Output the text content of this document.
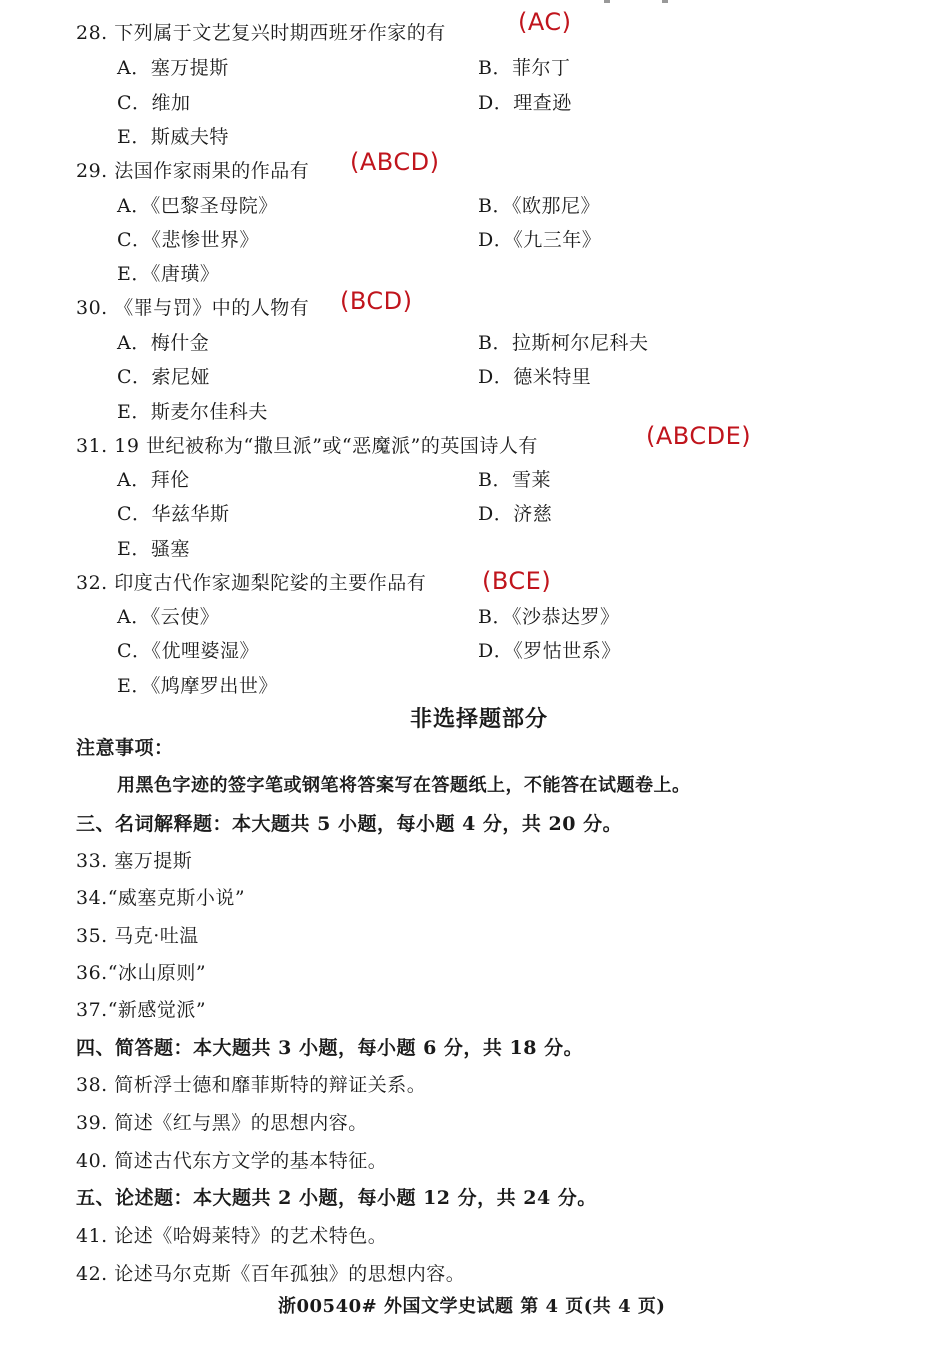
28. 下列属于文艺复兴时期西班牙作家的有	(AC)
A．塞万提斯	B．菲尔丁
C．维加	D．理查逊
E．斯威夫特
29. 法国作家雨果的作品有 (ABCD)
A．《巴黎圣母院》	B．《欧那尼》
C．《悲惨世界》	D．《九三年》
E．《唐璜》
30. 《罪与罚》中的人物有 (BCD)
A．梅什金	B．拉斯柯尔尼科夫
C．索尼娅	D．德米特里
E．斯麦尔佳科夫
31. 19 世纪被称为“撒旦派”或“恶魔派”的英国诗人有	(ABCDE)
A．拜伦	B．雪莱
C．华兹华斯	D．济慈
E．骚塞
32. 印度古代作家迦梨陀娑的主要作品有 (BCE)
A．《云使》	B．《沙恭达罗》
C．《优哩婆湿》	D．《罗怙世系》
E．《鸠摩罗出世》
非选择题部分
注意事项：
用黑色字迹的签字笔或钢笔将答案写在答题纸上，不能答在试题卷上。
三、名词解释题：本大题共 5 小题，每小题 4 分，共 20 分。
33. 塞万提斯
34.“威塞克斯小说”
35. 马克·吐温
36.“冰山原则”
37.“新感觉派”
四、简答题：本大题共 3 小题，每小题 6 分，共 18 分。
38. 简析浮士德和靡菲斯特的辩证关系。
39. 简述《红与黑》的思想内容。
40. 简述古代东方文学的基本特征。
五、论述题：本大题共 2 小题，每小题 12 分，共 24 分。
41. 论述《哈姆莱特》的艺术特色。
42. 论述马尔克斯《百年孤独》的思想内容。
浙00540# 外国文学史试题 第 4 页(共 4 页)
